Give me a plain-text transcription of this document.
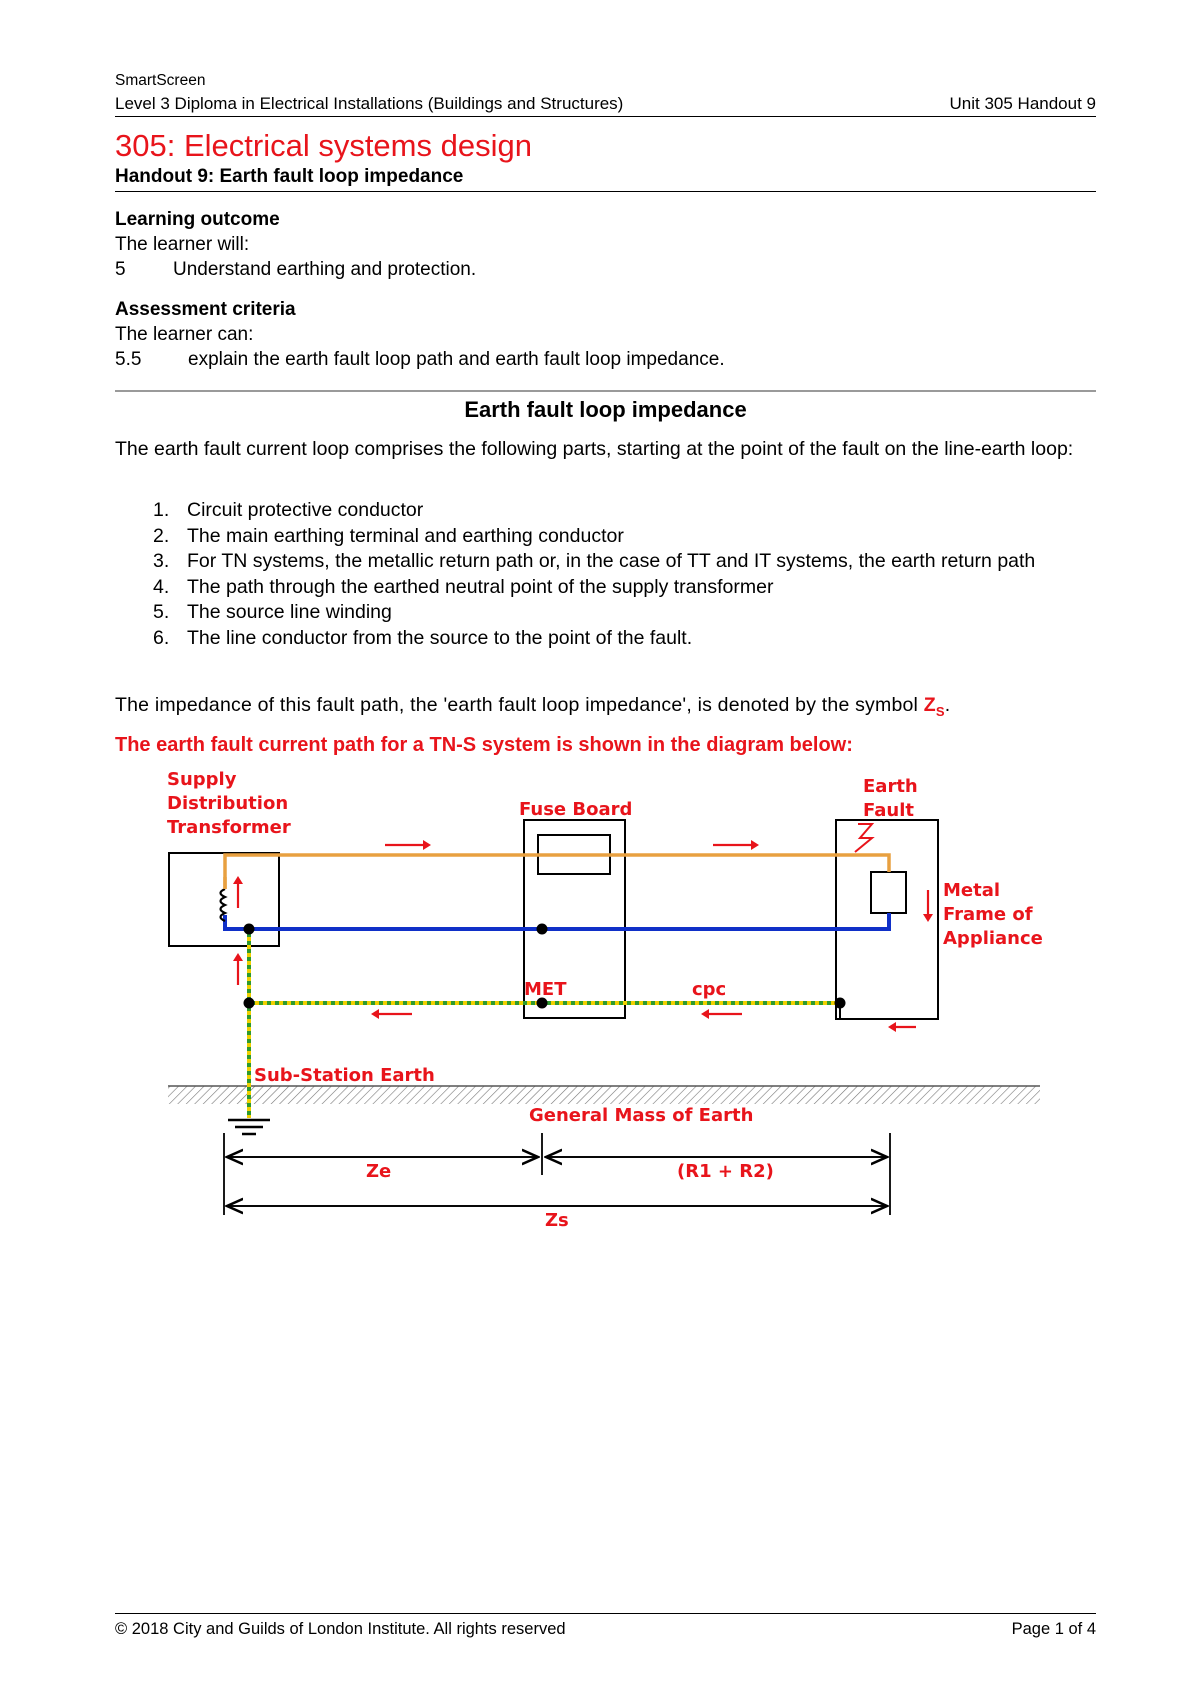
SmartScreen
Level 3 Diploma in Electrical Installations (Buildings and Structures)	Unit 305 Handout 9
305: Electrical systems design
Handout 9: Earth fault loop impedance
Learning outcome
The learner will:
5 Understand earthing and protection.
Assessment criteria
The learner can:
5.5 explain the earth fault loop path and earth fault loop impedance.
Earth fault loop impedance
The earth fault current loop comprises the following parts, starting at the point of the fault on the line-earth loop:
1. Circuit protective conductor
2. The main earthing terminal and earthing conductor
3. For TN systems, the metallic return path or, in the case of TT and IT systems, the earth return path
4. The path through the earthed neutral point of the supply transformer
5. The source line winding
6. The line conductor from the source to the point of the fault.
The impedance of this fault path, the 'earth fault loop impedance', is denoted by the symbol $Z_S$.
The earth fault current path for a TN-S system is shown in the diagram below:
Supply
Distribution
Transformer
Fuse Board
Earth
Fault
Metal
Frame of
Appliance
MET	cpc
Sub-Station Earth
General Mass of Earth
Ze	(R1 + R2)
Zs
© 2018 City and Guilds of London Institute. All rights reserved	Page 1 of 4
